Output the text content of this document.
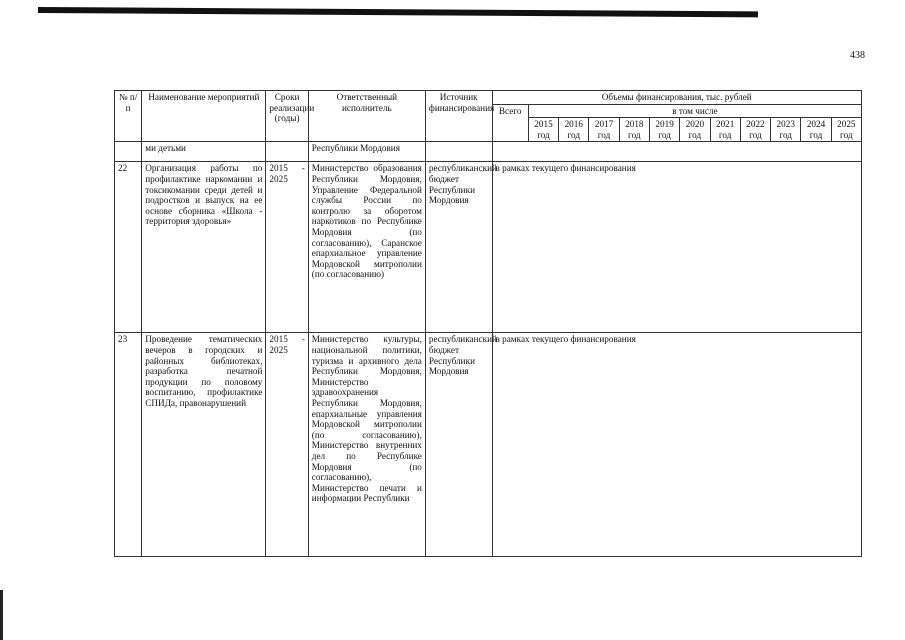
438
№ п/п	Наименование мероприятий	Сроки реализации (годы)	Ответственный исполнитель	Источник финансирования	Объемы финансирования, тыс. рублей											
					Всего	в том числе										
						2015 год	2016 год	2017 год	2018 год	2019 год	2020 год	2021 год	2022 год	2023 год	2024 год	2025 год
	ми детьми		Республики Мордовия													
22	Организация работы по профилактике наркомании и токсикомании среди детей и подростков и выпуск на ее основе сборника «Школа - территория здоровья»	2015 - 2025	Министерство образования Республики Мордовия, Управление Федеральной службы России по контролю за оборотом наркотиков по Республике Мордовия (по согласованию), Саранское епархиальное управление Мордовской митрополии (по согласованию)	республиканский бюджет Республики Мордовия	в рамках текущего финансирования											
23	Проведение тематических вечеров в городских и районных библиотеках, разработка печатной продукции по половому воспитанию, профилактике СПИДа, правонарушений	2015 - 2025	Министерство культуры, национальной политики, туризма и архивного дела Республики Мордовия, Министерство здравоохранения Республики Мордовия, епархиальные управления Мордовской митрополии (по согласованию), Министерство внутренних дел по Республике Мордовия (по согласованию), Министерство печати и информации Республики	республиканский бюджет Республики Мордовия	в рамках текущего финансирования											
